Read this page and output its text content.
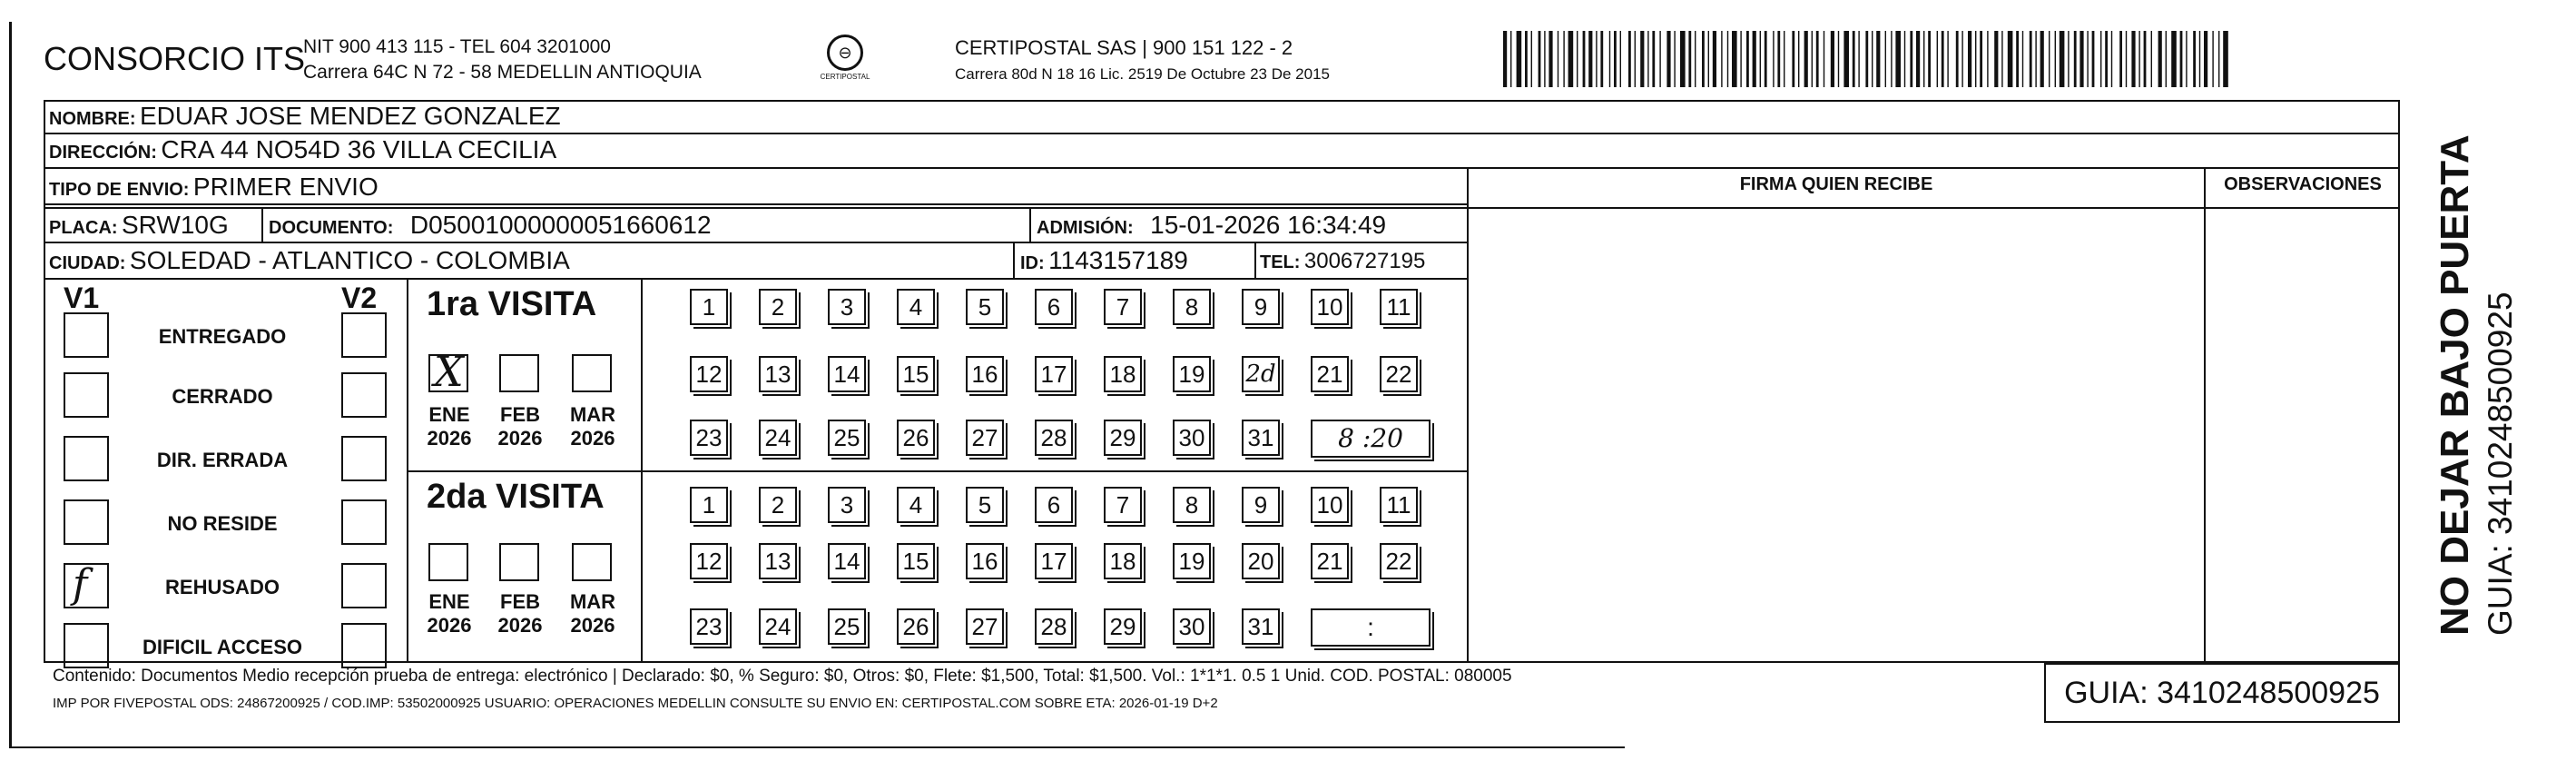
CONSORCIO ITS
NIT 900 413 115 - TEL 604 3201000
Carrera 64C N 72 - 58 MEDELLIN ANTIOQUIA
⊖
CERTIPOSTAL
CERTIPOSTAL SAS | 900 151 122 - 2
Carrera 80d N 18 16 Lic. 2519 De Octubre 23 De 2015
FIRMA QUIEN RECIBE	OBSERVACIONES
NOMBRE: EDUAR JOSE MENDEZ GONZALEZ
DIRECCIÓN: CRA 44 NO54D 36 VILLA CECILIA
TIPO DE ENVIO: PRIMER ENVIO
PLACA: SRW10G DOCUMENTO: D05001000000051660612	ADMISIÓN: 15-01-2026 16:34:49
CIUDAD: SOLEDAD - ATLANTICO - COLOMBIA	ID: 1143157189	TEL: 3006727195
V1	V2
ENTREGADO
CERRADO
DIR. ERRADA
NO RESIDE
f	REHUSADO
DIFICIL ACCESO
1ra VISITA
2da VISITA
X
ENE
2026
FEB
2026
MAR
2026
ENE
2026
FEB
2026
MAR
2026
1	2	3	4	5	6	7	8	9	10 11
12 13 14 15 16 17 18 19 2d 21 22
23 24 25 26 27 28 29 30 31	8 :20
1	2	3	4	5	6	7	8	9	10 11
12 13 14 15 16 17 18 19 20 21 22
23 24 25 26 27 28 29 30 31	:
Contenido: Documentos Medio recepción prueba de entrega: electrónico | Declarado: $0, % Seguro: $0, Otros: $0, Flete: $1,500, Total: $1,500. Vol.: 1*1*1. 0.5 1 Unid. COD. POSTAL: 080005
IMP POR FIVEPOSTAL ODS: 24867200925 / COD.IMP: 53502000925 USUARIO: OPERACIONES MEDELLIN CONSULTE SU ENVIO EN: CERTIPOSTAL.COM SOBRE ETA: 2026-01-19 D+2	GUIA: 3410248500925
NO DEJAR BAJO PUERTA GUIA: 3410248500925
